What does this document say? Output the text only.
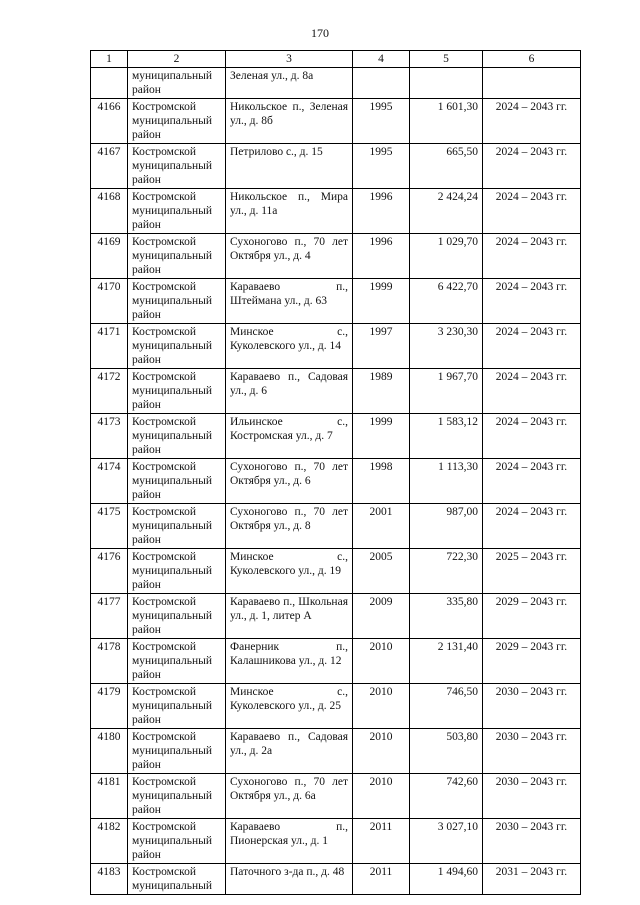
170
1	2	3	4	5	6
	муниципальный район	Зеленая ул., д. 8а			
4166	Костромской муниципальный район	Никольское п., Зеленая ул., д. 8б	1995	1 601,30	2024 – 2043 гг.
4167	Костромской муниципальный район	Петрилово с., д. 15	1995	665,50	2024 – 2043 гг.
4168	Костромской муниципальный район	Никольское п., Мира ул., д. 11а	1996	2 424,24	2024 – 2043 гг.
4169	Костромской муниципальный район	Сухоногово п., 70 лет Октября ул., д. 4	1996	1 029,70	2024 – 2043 гг.
4170	Костромской муниципальный район	Караваево п., Штеймана ул., д. 63	1999	6 422,70	2024 – 2043 гг.
4171	Костромской муниципальный район	Минское с., Куколевского ул., д. 14	1997	3 230,30	2024 – 2043 гг.
4172	Костромской муниципальный район	Караваево п., Садовая ул., д. 6	1989	1 967,70	2024 – 2043 гг.
4173	Костромской муниципальный район	Ильинское с., Костромская ул., д. 7	1999	1 583,12	2024 – 2043 гг.
4174	Костромской муниципальный район	Сухоногово п., 70 лет Октября ул., д. 6	1998	1 113,30	2024 – 2043 гг.
4175	Костромской муниципальный район	Сухоногово п., 70 лет Октября ул., д. 8	2001	987,00	2024 – 2043 гг.
4176	Костромской муниципальный район	Минское с., Куколевского ул., д. 19	2005	722,30	2025 – 2043 гг.
4177	Костромской муниципальный район	Караваево п., Школьная ул., д. 1, литер А	2009	335,80	2029 – 2043 гг.
4178	Костромской муниципальный район	Фанерник п., Калашникова ул., д. 12	2010	2 131,40	2029 – 2043 гг.
4179	Костромской муниципальный район	Минское с., Куколевского ул., д. 25	2010	746,50	2030 – 2043 гг.
4180	Костромской муниципальный район	Караваево п., Садовая ул., д. 2а	2010	503,80	2030 – 2043 гг.
4181	Костромской муниципальный район	Сухоногово п., 70 лет Октября ул., д. 6а	2010	742,60	2030 – 2043 гг.
4182	Костромской муниципальный район	Караваево п., Пионерская ул., д. 1	2011	3 027,10	2030 – 2043 гг.
4183	Костромской муниципальный	Паточного з-да п., д. 48	2011	1 494,60	2031 – 2043 гг.
